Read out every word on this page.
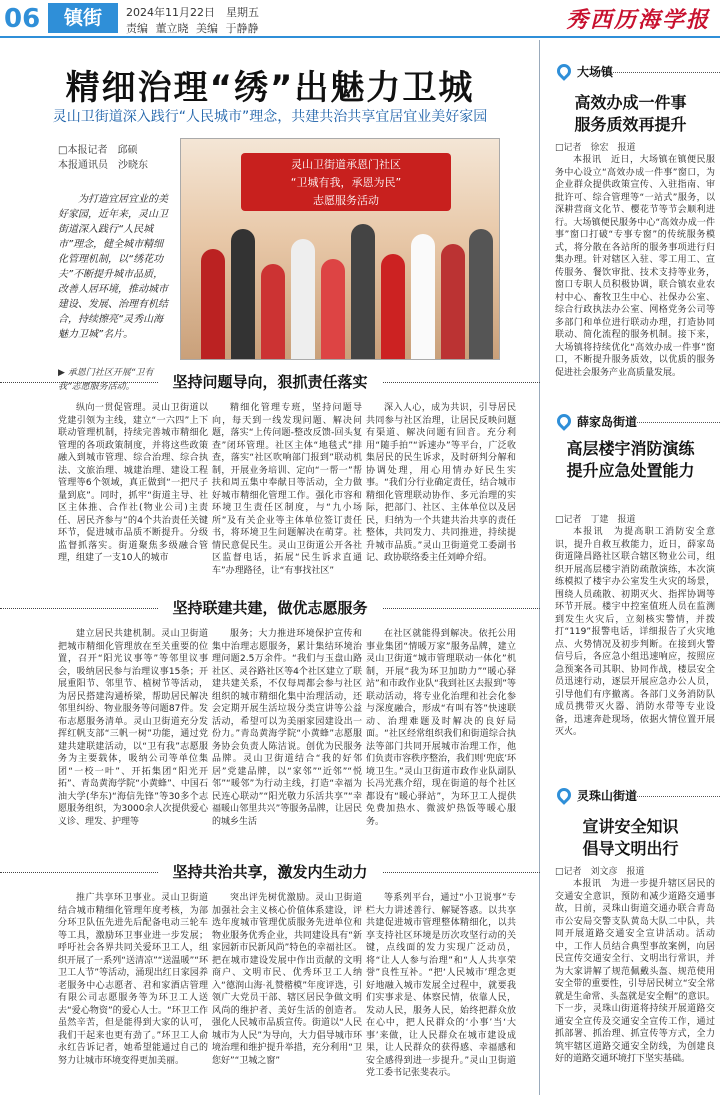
06	镇街	2024年11月22日　星期五
责编 董立晓 美编 于静静	秀西历海学报
精细治理“绣”出魅力卫城
灵山卫街道深入践行“人民城市”理念，共建共治共享宜居宜业美好家园
□本报记者　邱硕
本报通讯员　沙晓东
为打造宜居宜业的美好家园，近年来，灵山卫街道深入践行“人民城市”理念，健全城市精细化管理机制，以“绣花功夫”不断提升城市品质，改善人居环境，推动城市建设、发展、治理有机结合，持续擦亮“灵秀山海　魅力卫城”名片。
▶ 承恩门社区开展“卫有我”志愿服务活动。
灵山卫街道承恩门社区
“卫城有我，承恩为民”
志愿服务活动
坚持问题导向，狠抓责任落实

纵向一贯促管理。灵山卫街道以党建引领为主线，建立“一六四”上下联动管理机制，持续完善城市精细化管理的各项政策制度，并将这些政策融入到城市管理、综合治理、综合执法、文旅治理、城建治理、建设工程管理等6个领域，真正做到“一把尺子量到底”。同时，抓牢“街道主导、社区主体推、合作社(物业公司)主责任、居民齐参与”的4个共治责任关键环节，促进城市品质不断提升。分级监督抓落实。街道聚焦多级融合管理，组建了一支10人的城市

精细化管理专班，坚持问题导向，每天到一线发现问题、解决问题，落实“上传问题-整改反馈-回头复查”闭环管理。社区主体“地毯式”排查，落实“社区吹响部门报到”联动机制，开展业务培训、定向“一帮一”帮扶和周五集中奉献日等活动，全力做好城市精细化管理工作。强化市容和环境卫生责任区制度，与“九小场所”及有关企业等主体单位签订责任书，将环境卫生问题解决在萌芽。社情民意促民生。灵山卫街道公开各社区监督电话，拓展“民生诉求直通车”办理路径，让“有事找社区”

深入人心，成为共识，引导居民共同参与社区治理，让居民反映问题有渠道、解决问题有回音。充分利用“随手拍”“诉速办”等平台，广泛收集居民的民生诉求，及时研判分解和协调处理，用心用情办好民生实事。“我们分行业确定责任，结合城市精细化管理联动协作、多元治理的实际，把部门、社区、主体单位以及居民，归纳为一个共建共治共享的责任整体，共同发力、共同推进，持续提升城市品质。”灵山卫街道党工委副书记、政协联络委主任刘峥介绍。

坚持联建共建，做优志愿服务

建立居民共建机制。灵山卫街道把城市精细化管理放在至关重要的位置，召开“阳光议事等”等邻里议事会，吸纳居民参与治理议事15条；开展重阳节、邻里节、植树节等活动，为居民搭建沟通桥梁，帮助居民解决邻里纠纷、物业服务等问题87件。发布志愿服务清单。灵山卫街道充分发挥红帆支部“三帆一树”功能，通过党建共建联建活动，以“卫有我”志愿服务为主要载体，吸纳公司等单位集团“一校一叶”、开拓集团“阳光开拓”、青岛黄海学院“小黄蜂”、中国石油大学(华东)“海信先锋”等30多个志愿服务组织，为3000余人次提供爱心义诊、理发、护理等

服务；大力推进环境保护宣传和集中治理志愿服务，累计集结环境治理问题2.5万余件。“我们与玉盘山路社区、灵谷路社区等4个社区建立了联建共建关系，不仅每周都会参与社区组织的城市精细化集中治理活动，还会定期开展生活垃圾分类宣讲等公益活动，希望可以为美丽家园建设出一份力。”青岛黄海学院“小黄蜂”志愿服务协会负责人陈洁说。创优为民服务品牌。灵山卫街道结合“我的好邻居”党建品牌，以“家邻”“近邻”“悦邻”“暖邻”为行动主线，打造“幸福为民连心联动”“阳光敬力乐活共享”“幸福暖山邻里共兴”等服务品牌，让居民的城乡生活

在社区就能得到解决。依托公用事业集团“情暖万家”服务品牌，建立灵山卫街道“城市管理联动一体化”机制，开展“我为环卫加助力”“暖心驿站”和市政作业队“我到社区去报到”等联动活动，将专业化治理和社会化参与深度融合，形成“有叫有答”快速联动、治理难题及时解决的良好局面。“社区经常组织我们和街道综合执法等部门共同开展城市治理工作，他们负责市容秩序整治，我们则‘兜底’环境卫生。”灵山卫街道市政作业队副队长冯光燕介绍，现在街道的每个社区都设有“暖心驿站”，为环卫工人提供免费加热水、微波炉热饭等暖心服务。

坚持共治共享，激发内生动力

推广共享环卫事业。灵山卫街道结合城市精细化管理年度考核，为部分环卫队伍先进先后配备电动三轮车等工具，激励环卫事业进一步发展；呼吁社会各界共同关爱环卫工人，组织开展了一系列“送清凉”“送温暖”“环卫工人节”等活动，涌现出红日家园养老服务中心志愿者、君和家酒店管理有限公司志愿服务等为环卫工人送去“爱心物资”的爱心人士。“环卫工作虽然辛苦，但是能得到大家的认可，我们干起来也更有劲了。”环卫工人俞永红告诉记者，她希望能通过自己的努力让城市环境变得更加美丽。

突出评先树优激励。灵山卫街道加强社会主义核心价值体系建设，评选年度城市管理优质服务先进单位和物业服务优秀企业，共同建设具有“新家园新市民新风尚”特色的幸福社区。把在城市建设发展中作出贡献的文明商户、文明市民、优秀环卫工人纳入“德润山海·礼赞楷模”年度评选，引领广大党员干部、辖区居民争做文明风尚的维护者、美好生活的创造者。强化人民城市品质宣传。街道以“人民城市为人民”为导向，大力倡导城市环境治理和维护提升举措，充分利用“卫您好”“卫城之窗”

等系列平台，通过“小卫说事”专栏大力讲述善行、解疑答惑。以共享共建促进城市管理整体精细化，以共享支持社区环境是历次攻坚行动的关键，点线面的发力实现广泛动员，将“让人人参与治理”和“人人共享荣誉”良性互补。“把‘人民城市’理念更好地融入城市发展全过程中，就要我们实事求是、体察民情，依靠人民，发动人民，服务人民，始终把群众放在心中，把人民群众的‘小事’当‘大事’来做，让人民群众在城市建设成果，让人民群众的获得感、幸福感和安全感得到进一步提升。”灵山卫街道党工委书记张斐表示。

大场镇
高效办成一件事
服务质效再提升
□记者　徐宏　报道

本报讯　近日，大场镇在镇便民服务中心设立“高效办成一件事”窗口，为企业群众提供政策宣传、入驻指南、审批许可、综合管理等“一站式”服务，以深耕营商文化节、樱花节等节会顺利进行。大场镇便民服务中心“高效办成一件事”窗口打破“专事专窗”的传统服务模式，将分散在各站所的服务事项进行归集办理。针对辖区入驻、零工用工、宣传服务、餐饮审批、技术支持等业务，窗口专职人员积极协调，联合镇农业农村中心、畜牧卫生中心、社保办公室、综合行政执法办公室、网格党务公司等多部门和单位进行联动办理，打造协同联动、简化流程的服务机制。接下来，大场镇将持续优化“高效办成一件事”窗口，不断提升服务质效，以优质的服务促进社会服务产业高质量发展。

薛家岛街道
高层楼宇消防演练
提升应急处置能力
□记者　丁建　报道

本报讯　为提高职工消防安全意识，提升自救互救能力，近日，薛家岛街道隆昌路社区联合辖区物业公司，组织开展高层楼宇消防疏散演练，本次演练模拟了楼宇办公室发生火灾的场景，围绕人员疏散、初期灭火、指挥协调等环节开展。楼宇中控室值班人员在监测到发生火灾后，立刻核实警情，并拨打“119”报警电话，详细报告了火灾地点、火势情况及初步判断。在接到火警信号后，各应急小组迅速响应，按照应急预案各司其职、协同作战，楼层安全员迅速行动，逐层开展应急办公人员，引导他们有序撤离。各部门义务消防队成员携带灭火器、消防水带等专业设备，迅速奔赴现场，依据火情位置开展灭火。

灵珠山街道
宣讲安全知识
倡导文明出行
□记者　刘文彦　报道

本报讯　为进一步提升辖区居民的交通安全意识，预防和减少道路交通事故，日前，灵珠山街道交通办联合青岛市公安局交警支队黄岛大队二中队，共同开展道路交通安全宣讲活动。活动中，工作人员结合典型事故案例，向居民宣传交通安全行、文明出行常识，并为大家讲解了规范佩戴头盔、规范使用安全带的重要性，引导居民树立“安全常就是生命常、头盔就是安全帽”的意识。下一步，灵珠山街道将持续开展道路交通安全宣传及交通安全宣传工作，通过抓部署、抓治理、抓宣传等方式，全力筑牢辖区道路交通安全防线，为创建良好的道路交通环境打下坚实基础。
